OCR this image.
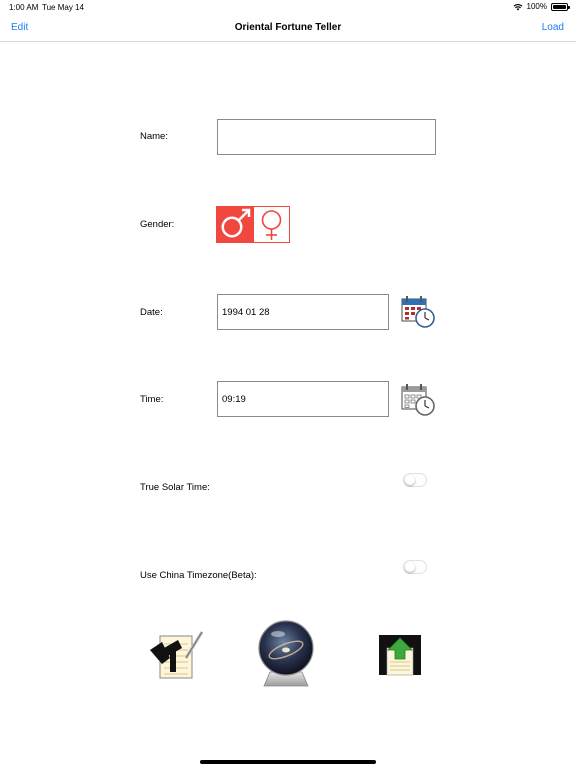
1:00 AM Tue May 14	100%
Edit	Oriental Fortune Teller	Load
Name:
Gender:
Date:
1994 01 28
Time:
09:19
True Solar Time:
Use China Timezone(Beta):
